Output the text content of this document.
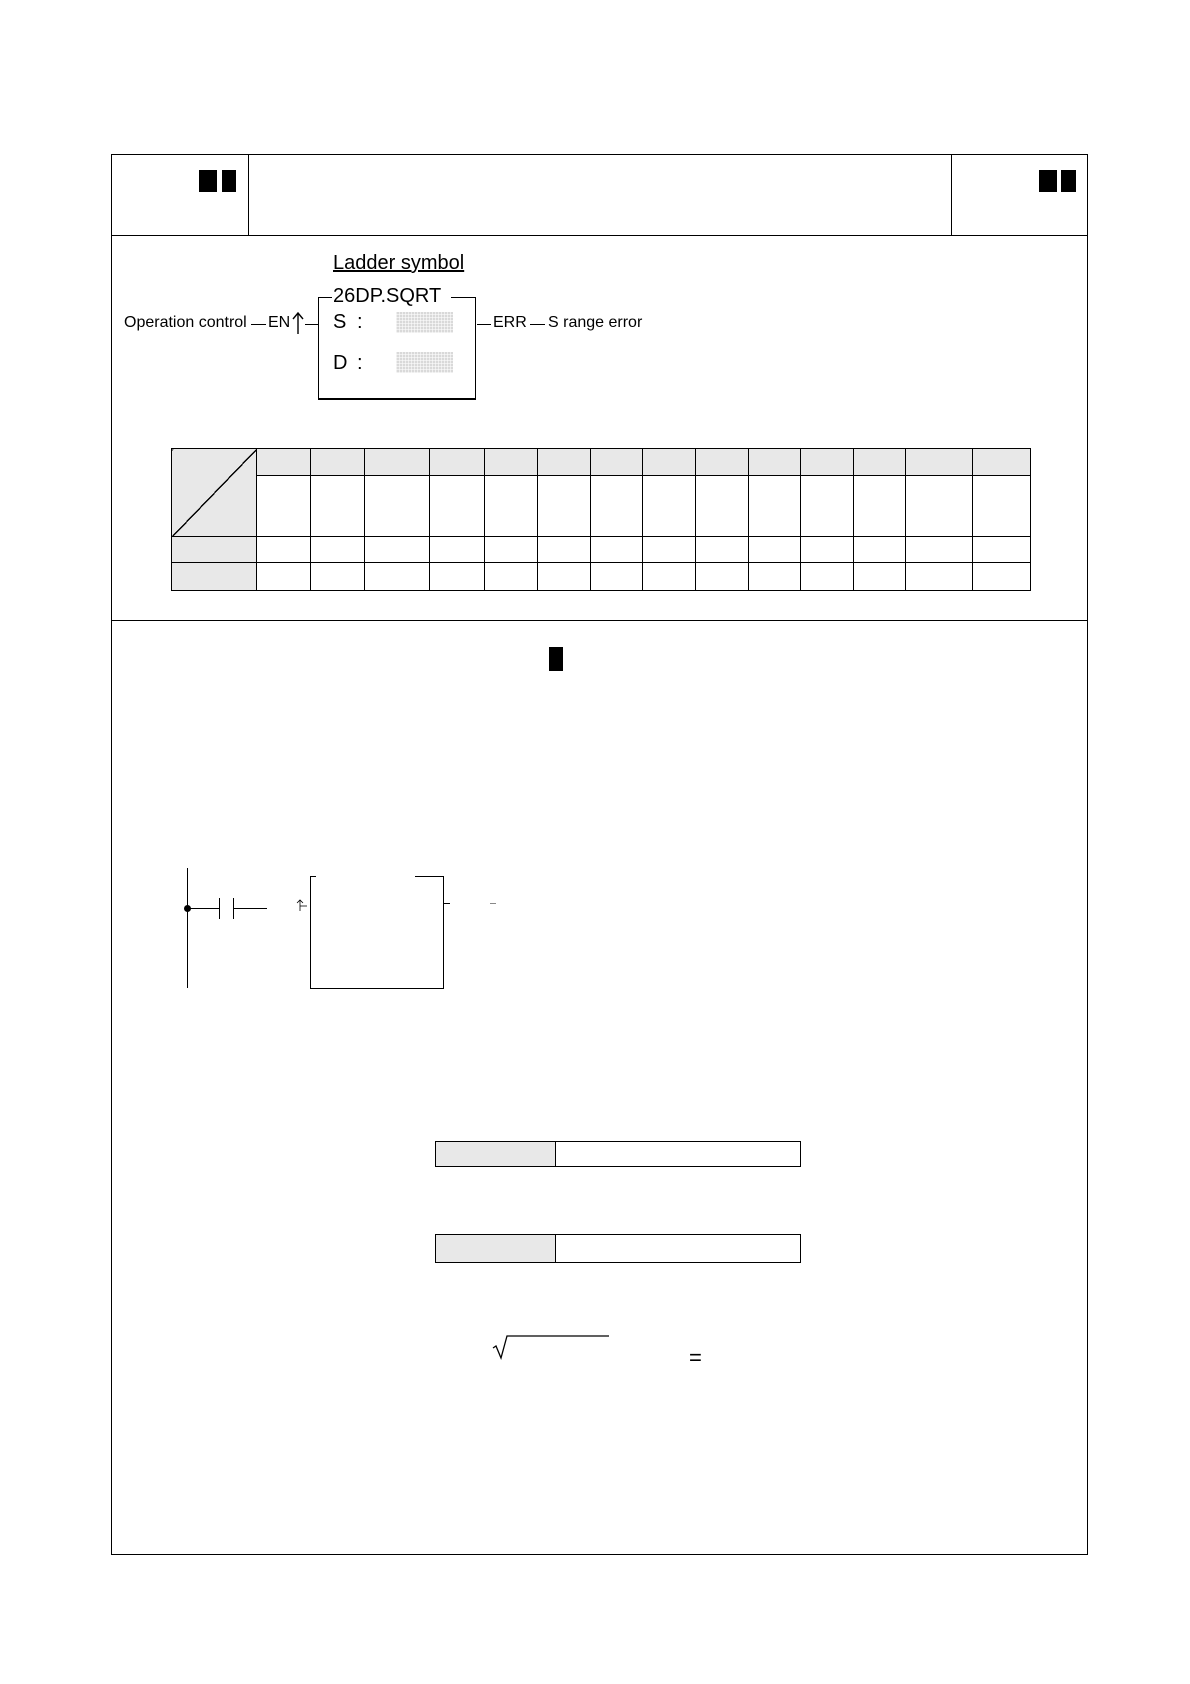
Ladder symbol
26DP.SQRT
S :
D :
Operation control EN	ERR S range error

=
